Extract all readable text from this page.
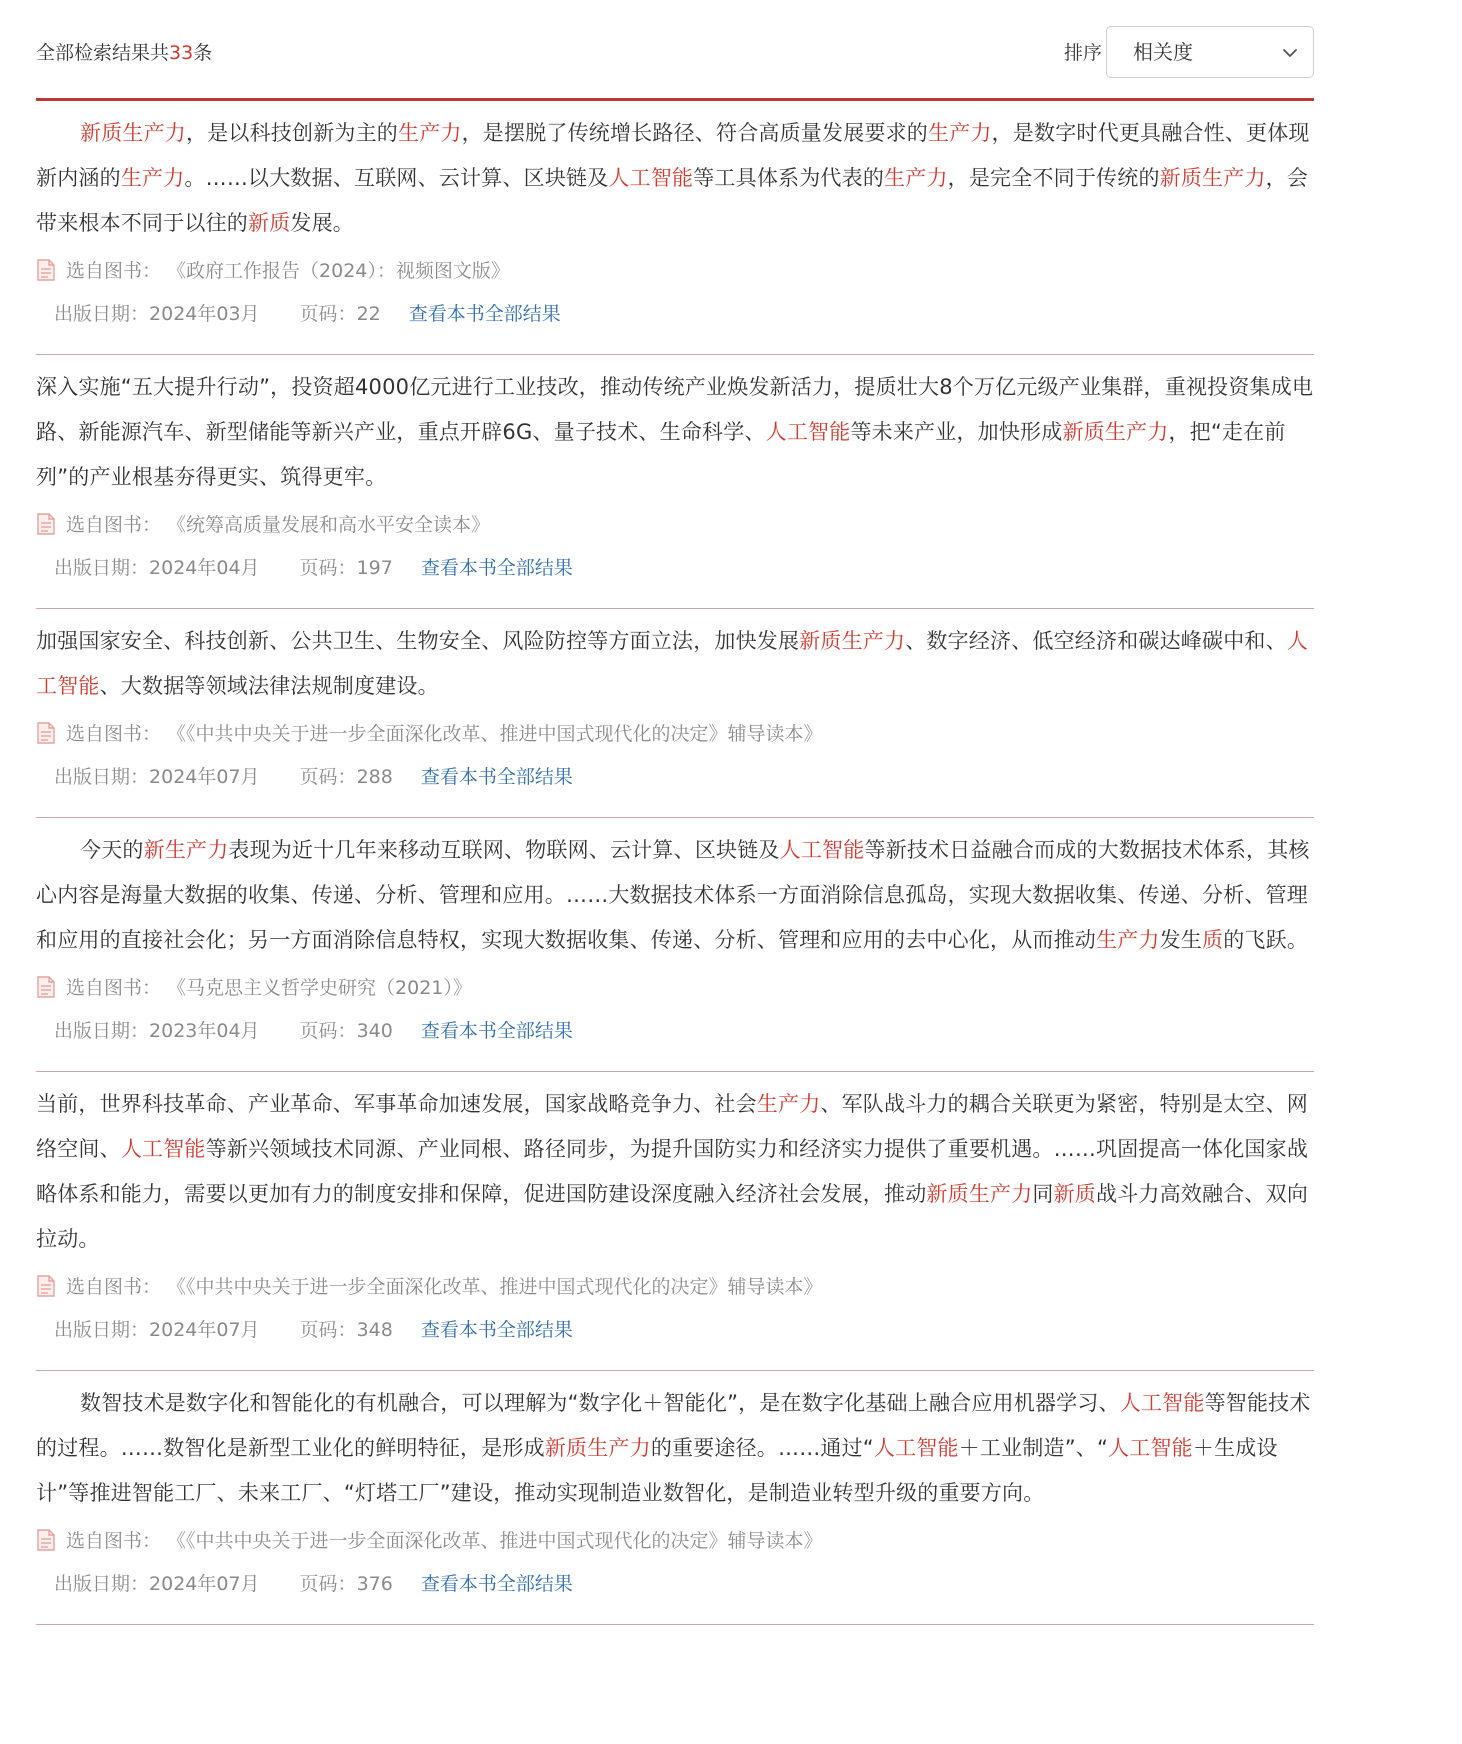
全部检索结果共33条	排序 相关度

新质生产力，是以科技创新为主的生产力，是摆脱了传统增长路径、符合高质量发展要求的生产力，是数字时代更具融合性、更体现新内涵的生产力。……以大数据、互联网、云计算、区块链及人工智能等工具体系为代表的生产力，是完全不同于传统的新质生产力，会带来根本不同于以往的新质发展。

选自图书： 《政府工作报告（2024）：视频图文版》
出版日期：2024年03月 页码：22 查看本书全部结果

深入实施“五大提升行动”，投资超4000亿元进行工业技改，推动传统产业焕发新活力，提质壮大8个万亿元级产业集群，重视投资集成电路、新能源汽车、新型储能等新兴产业，重点开辟6G、量子技术、生命科学、人工智能等未来产业，加快形成新质生产力，把“走在前列”的产业根基夯得更实、筑得更牢。

选自图书： 《统筹高质量发展和高水平安全读本》
出版日期：2024年04月 页码：197 查看本书全部结果

加强国家安全、科技创新、公共卫生、生物安全、风险防控等方面立法，加快发展新质生产力、数字经济、低空经济和碳达峰碳中和、人工智能、大数据等领域法律法规制度建设。

选自图书： 《《中共中央关于进一步全面深化改革、推进中国式现代化的决定》辅导读本》
出版日期：2024年07月 页码：288 查看本书全部结果

今天的新生产力表现为近十几年来移动互联网、物联网、云计算、区块链及人工智能等新技术日益融合而成的大数据技术体系，其核心内容是海量大数据的收集、传递、分析、管理和应用。……大数据技术体系一方面消除信息孤岛，实现大数据收集、传递、分析、管理和应用的直接社会化；另一方面消除信息特权，实现大数据收集、传递、分析、管理和应用的去中心化，从而推动生产力发生质的飞跃。

选自图书： 《马克思主义哲学史研究（2021）》
出版日期：2023年04月 页码：340 查看本书全部结果

当前，世界科技革命、产业革命、军事革命加速发展，国家战略竞争力、社会生产力、军队战斗力的耦合关联更为紧密，特别是太空、网络空间、人工智能等新兴领域技术同源、产业同根、路径同步，为提升国防实力和经济实力提供了重要机遇。……巩固提高一体化国家战略体系和能力，需要以更加有力的制度安排和保障，促进国防建设深度融入经济社会发展，推动新质生产力同新质战斗力高效融合、双向拉动。

选自图书： 《《中共中央关于进一步全面深化改革、推进中国式现代化的决定》辅导读本》
出版日期：2024年07月 页码：348 查看本书全部结果

数智技术是数字化和智能化的有机融合，可以理解为“数字化＋智能化”，是在数字化基础上融合应用机器学习、人工智能等智能技术的过程。……数智化是新型工业化的鲜明特征，是形成新质生产力的重要途径。……通过“人工智能＋工业制造”、“人工智能＋生成设计”等推进智能工厂、未来工厂、“灯塔工厂”建设，推动实现制造业数智化，是制造业转型升级的重要方向。

选自图书： 《《中共中央关于进一步全面深化改革、推进中国式现代化的决定》辅导读本》
出版日期：2024年07月 页码：376 查看本书全部结果
